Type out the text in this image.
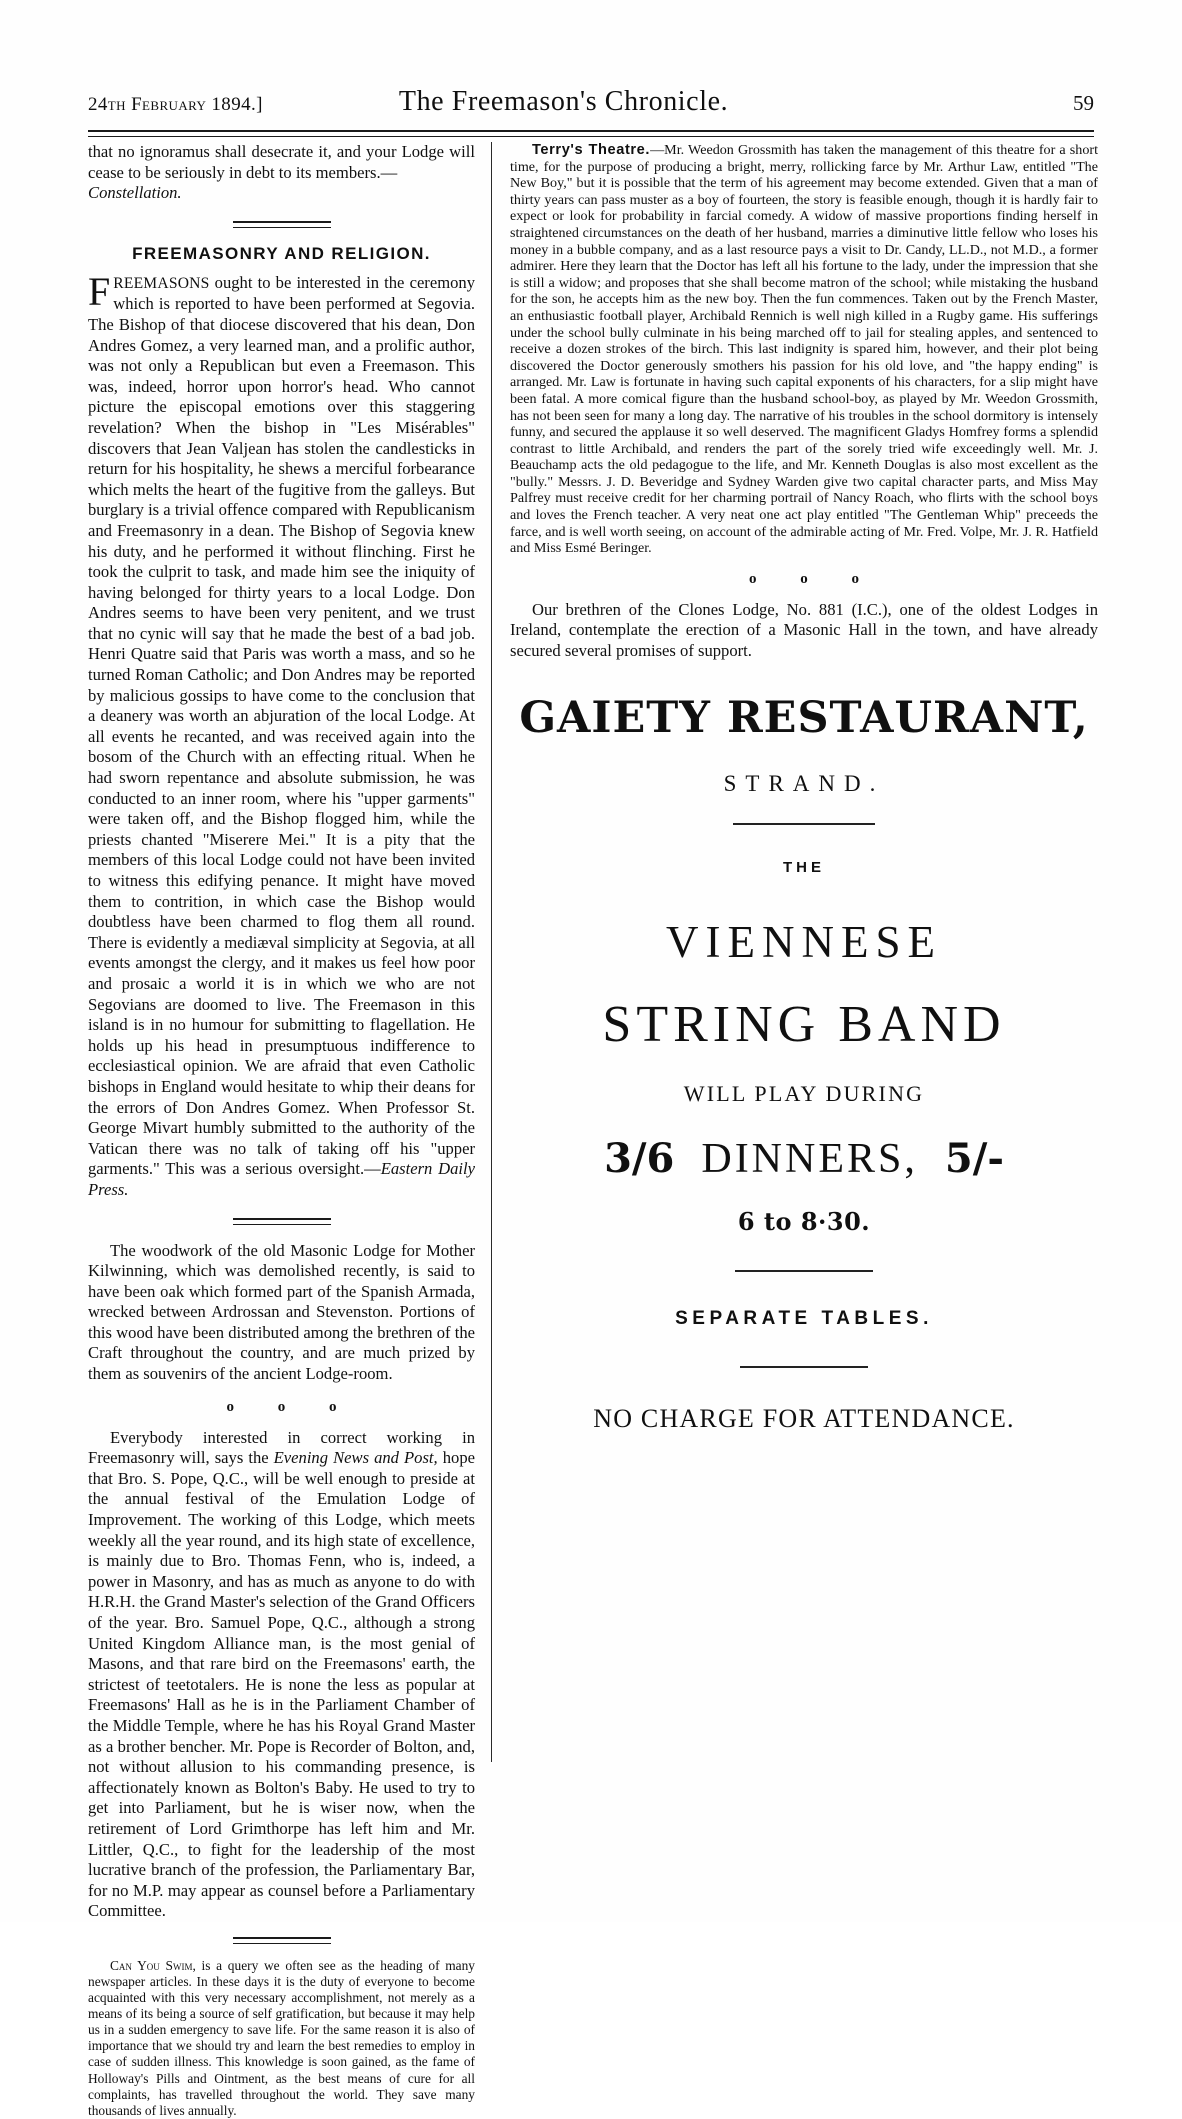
24th February 1894.]	The Freemason's Chronicle.	59

that no ignoramus shall desecrate it, and your Lodge will cease to be seriously in debt to its members.—

Constellation.

FREEMASONRY AND RELIGION.

FREEMASONS ought to be interested in the ceremony which is reported to have been performed at Segovia. The Bishop of that diocese discovered that his dean, Don Andres Gomez, a very learned man, and a prolific author, was not only a Republican but even a Freemason. This was, indeed, horror upon horror's head. Who cannot picture the episcopal emotions over this staggering revelation? When the bishop in "Les Misérables" discovers that Jean Valjean has stolen the candlesticks in return for his hospitality, he shews a merciful forbearance which melts the heart of the fugitive from the galleys. But burglary is a trivial offence compared with Republicanism and Freemasonry in a dean. The Bishop of Segovia knew his duty, and he performed it without flinching. First he took the culprit to task, and made him see the iniquity of having belonged for thirty years to a local Lodge. Don Andres seems to have been very penitent, and we trust that no cynic will say that he made the best of a bad job. Henri Quatre said that Paris was worth a mass, and so he turned Roman Catholic; and Don Andres may be reported by malicious gossips to have come to the conclusion that a deanery was worth an abjuration of the local Lodge. At all events he recanted, and was received again into the bosom of the Church with an effecting ritual. When he had sworn repentance and absolute submission, he was conducted to an inner room, where his "upper garments" were taken off, and the Bishop flogged him, while the priests chanted "Miserere Mei." It is a pity that the members of this local Lodge could not have been invited to witness this edifying penance. It might have moved them to contrition, in which case the Bishop would doubtless have been charmed to flog them all round. There is evidently a mediæval simplicity at Segovia, at all events amongst the clergy, and it makes us feel how poor and prosaic a world it is in which we who are not Segovians are doomed to live. The Freemason in this island is in no humour for submitting to flagellation. He holds up his head in presumptuous indifference to ecclesiastical opinion. We are afraid that even Catholic bishops in England would hesitate to whip their deans for the errors of Don Andres Gomez. When Professor St. George Mivart humbly submitted to the authority of the Vatican there was no talk of taking off his "upper garments." This was a serious oversight.—Eastern Daily Press.

The woodwork of the old Masonic Lodge for Mother Kilwinning, which was demolished recently, is said to have been oak which formed part of the Spanish Armada, wrecked between Ardrossan and Stevenston. Portions of this wood have been distributed among the brethren of the Craft throughout the country, and are much prized by them as souvenirs of the ancient Lodge-room.

o o o

Everybody interested in correct working in Freemasonry will, says the Evening News and Post, hope that Bro. S. Pope, Q.C., will be well enough to preside at the annual festival of the Emulation Lodge of Improvement. The working of this Lodge, which meets weekly all the year round, and its high state of excellence, is mainly due to Bro. Thomas Fenn, who is, indeed, a power in Masonry, and has as much as anyone to do with H.R.H. the Grand Master's selection of the Grand Officers of the year. Bro. Samuel Pope, Q.C., although a strong United Kingdom Alliance man, is the most genial of Masons, and that rare bird on the Freemasons' earth, the strictest of teetotalers. He is none the less as popular at Freemasons' Hall as he is in the Parliament Chamber of the Middle Temple, where he has his Royal Grand Master as a brother bencher. Mr. Pope is Recorder of Bolton, and, not without allusion to his commanding presence, is affectionately known as Bolton's Baby. He used to try to get into Parliament, but he is wiser now, when the retirement of Lord Grimthorpe has left him and Mr. Littler, Q.C., to fight for the leadership of the most lucrative branch of the profession, the Parliamentary Bar, for no M.P. may appear as counsel before a Parliamentary Committee.

Can You Swim, is a query we often see as the heading of many newspaper articles. In these days it is the duty of everyone to become acquainted with this very necessary accomplishment, not merely as a means of its being a source of self gratification, but because it may help us in a sudden emergency to save life. For the same reason it is also of importance that we should try and learn the best remedies to employ in case of sudden illness. This knowledge is soon gained, as the fame of Holloway's Pills and Ointment, as the best means of cure for all complaints, has travelled throughout the world. They save many thousands of lives annually.

Terry's Theatre.—Mr. Weedon Grossmith has taken the management of this theatre for a short time, for the purpose of producing a bright, merry, rollicking farce by Mr. Arthur Law, entitled "The New Boy," but it is possible that the term of his agreement may become extended. Given that a man of thirty years can pass muster as a boy of fourteen, the story is feasible enough, though it is hardly fair to expect or look for probability in farcial comedy. A widow of massive proportions finding herself in straightened circumstances on the death of her husband, marries a diminutive little fellow who loses his money in a bubble company, and as a last resource pays a visit to Dr. Candy, LL.D., not M.D., a former admirer. Here they learn that the Doctor has left all his fortune to the lady, under the impression that she is still a widow; and proposes that she shall become matron of the school; while mistaking the husband for the son, he accepts him as the new boy. Then the fun commences. Taken out by the French Master, an enthusiastic football player, Archibald Rennich is well nigh killed in a Rugby game. His sufferings under the school bully culminate in his being marched off to jail for stealing apples, and sentenced to receive a dozen strokes of the birch. This last indignity is spared him, however, and their plot being discovered the Doctor generously smothers his passion for his old love, and "the happy ending" is arranged. Mr. Law is fortunate in having such capital exponents of his characters, for a slip might have been fatal. A more comical figure than the husband school-boy, as played by Mr. Weedon Grossmith, has not been seen for many a long day. The narrative of his troubles in the school dormitory is intensely funny, and secured the applause it so well deserved. The magnificent Gladys Homfrey forms a splendid contrast to little Archibald, and renders the part of the sorely tried wife exceedingly well. Mr. J. Beauchamp acts the old pedagogue to the life, and Mr. Kenneth Douglas is also most excellent as the "bully." Messrs. J. D. Beveridge and Sydney Warden give two capital character parts, and Miss May Palfrey must receive credit for her charming portrail of Nancy Roach, who flirts with the school boys and loves the French teacher. A very neat one act play entitled "The Gentleman Whip" preceeds the farce, and is well worth seeing, on account of the admirable acting of Mr. Fred. Volpe, Mr. J. R. Hatfield and Miss Esmé Beringer.

o o o

Our brethren of the Clones Lodge, No. 881 (I.C.), one of the oldest Lodges in Ireland, contemplate the erection of a Masonic Hall in the town, and have already secured several promises of support.

GAIETY RESTAURANT,
STRAND.
THE
VIENNESE
STRING BAND
WILL PLAY DURING
3/6 DINNERS, 5/-
6 to 8·30.
SEPARATE TABLES.
NO CHARGE FOR ATTENDANCE.
